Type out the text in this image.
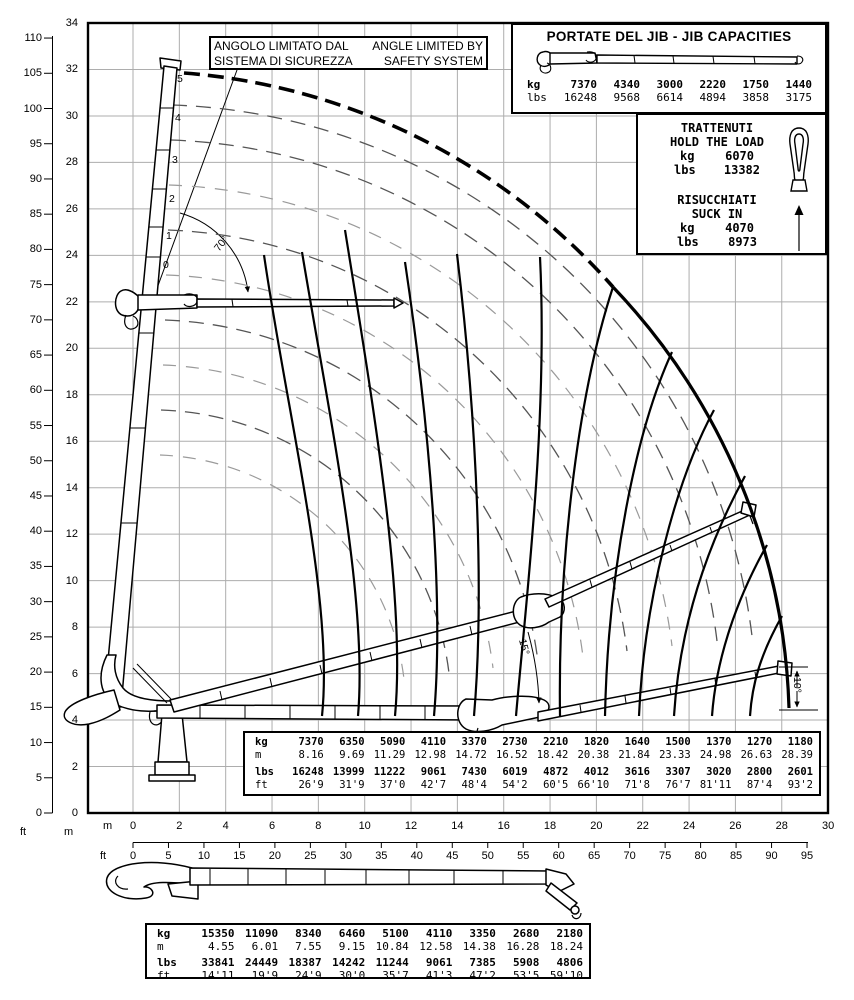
70°
15°
10°
5
4
3
2
1
0
0
5
10
15
20
25
30
35
40
45
50
55
60
65
70
75
80
85
90
95
100
105
110
0
2
4
6
8
10
12
14
16
18
20
22
24
26
28
30
32
34
0	2	4	6	8	10	12	14	16	18	20	22	24	26	28	30
0	5	10	15	20	25	30	35	40	45	50	55	60	65	70	75	80	85	90	95
ft	m	m
ft
ANGOLO LIMITATO DAL
SISTEMA DI SICUREZZA
ANGLE LIMITED BY
SAFETY SYSTEM
PORTATE DEL JIB - JIB CAPACITIES
kg	7370	4340	3000	2220	1750	1440
lbs	16248	9568	6614	4894	3858	3175
TRATTENUTI
HOLD THE LOAD
kg	6070
lbs 13382
RISUCCHIATI
SUCK IN
kg	4070
lbs 8973
kg	7370	6350	5090	4110	3370	2730	2210	1820	1640	1500	1370	1270	1180
m	8.16	9.69 11.29 12.98 14.72 16.52 18.42 20.38 21.84 23.33 24.98 26.63 28.39
lbs	16248 13999 11222	9061	7430	6019	4872	4012	3616	3307	3020	2800	2601
ft	26'9	31'9	37'0	42'7	48'4	54'2	60'5 66'10	71'8	76'7 81'11	87'4	93'2
kg	15350 11090	8340	6460	5100	4110	3350	2680	2180
m	4.55	6.01	7.55	9.15 10.84 12.58 14.38 16.28 18.24
lbs	33841 24449 18387 14242 11244	9061	7385	5908	4806
ft	14'11	19'9	24'9	30'0	35'7	41'3	47'2	53'5 59'10
